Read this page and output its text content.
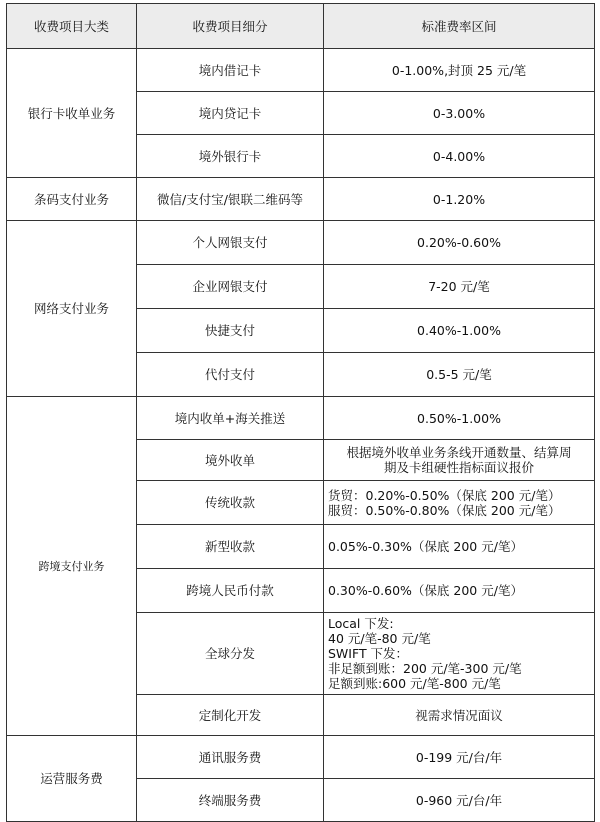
收费项目大类	收费项目细分	标准费率区间
银行卡收单业务	境内借记卡	0-1.00%,封顶 25 元/笔

	境内贷记卡	0-3.00%

	境外银行卡	0-4.00%

条码支付业务	微信/支付宝/银联二维码等	0-1.20%

网络支付业务	个人网银支付	0.20%-0.60%

	企业网银支付	7-20 元/笔

	快捷支付	0.40%-1.00%

	代付支付	0.5-5 元/笔

跨境支付业务	境内收单+海关推送	0.50%-1.00%

	境外收单	根据境外收单业务条线开通数量、结算周
期及卡组硬性指标面议报价

	传统收款	货贸：0.20%-0.50%（保底 200 元/笔）
服贸：0.50%-0.80%（保底 200 元/笔）

	新型收款	0.05%-0.30%（保底 200 元/笔）

	跨境人民币付款	0.30%-0.60%（保底 200 元/笔）

	全球分发	Local 下发:
40 元/笔-80 元/笔
SWIFT 下发：
非足额到账：200 元/笔-300 元/笔
足额到账:600 元/笔-800 元/笔

	定制化开发	视需求情况面议

运营服务费	通讯服务费	0-199 元/台/年

	终端服务费	0-960 元/台/年
